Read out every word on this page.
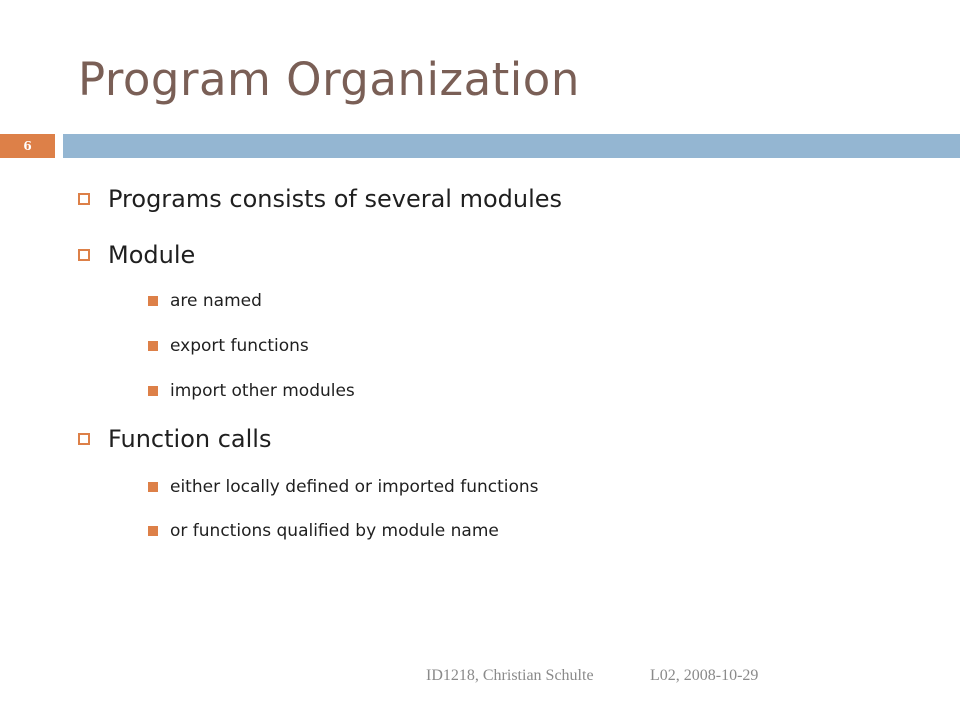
Program Organization
6
Programs consists of several modules
Module
are named
export functions
import other modules
Function calls
either locally defined or imported functions
or functions qualified by module name
ID1218, Christian Schulte	L02, 2008-10-29
